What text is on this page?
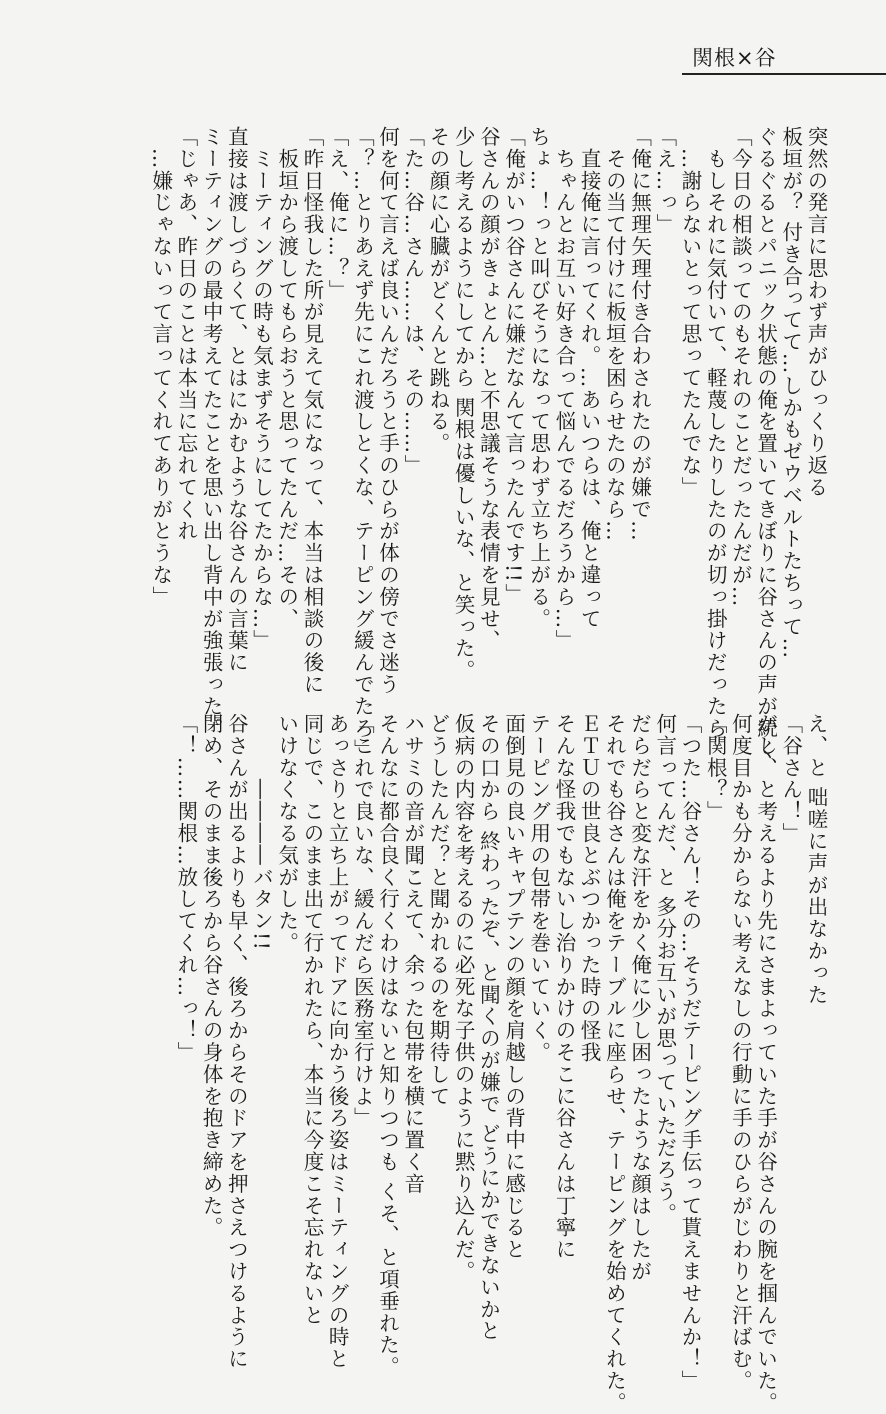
関根×谷
突然の発言に思わず声がひっくり返る
板垣が？ 付き合ってて…しかもゼウベルトたちって…
ぐるぐるとパニック状態の俺を置いてきぼりに谷さんの声が続く
「今日の相談ってのもそれのことだったんだが…
　もしそれに気付いて、軽蔑したりしたのが切っ掛けだったら
　…謝らないとって思ってたんでな」
「え…っ」
「俺に無理矢理付き合わされたのが嫌で…
　その当て付けに板垣を困らせたのなら…
　直接俺に言ってくれ。…あいつらは、俺と違って
　ちゃんとお互い好き合って悩んでるだろうから…」
ちょ…！っと叫びそうになって思わず立ち上がる。
「俺がいつ谷さんに嫌だなんて言ったんです!!」
谷さんの顔がきょとん…と不思議そうな表情を見せ、
少し考えるようにしてから 関根は優しいな、と笑った。
その顔に心臓がどくんと跳ねる。
「た…谷…さん……は、その……」
何を何て言えば良いんだろうと手のひらが体の傍でさ迷う
「？…とりあえず先にこれ渡しとくな、テーピング緩んでたろ」
「え、俺に…？」
「昨日怪我した所が見えて気になって、本当は相談の後に
　板垣から渡してもらおうと思ってたんだ…その、
　ミーティングの時も気まずそうにしてたからな…」
直接は渡しづらくて、とはにかむような谷さんの言葉に
ミーティングの最中考えてたことを思い出し背中が強張った。
「じゃあ、昨日のことは本当に忘れてくれ
　…嫌じゃないって言ってくれてありがとうな」
え、と 咄嗟に声が出なかった
「谷さん！」
がし、と考えるより先にさまよっていた手が谷さんの腕を掴んでいた。
何度目かも分からない考えなしの行動に手のひらがじわりと汗ばむ。
「関根？」
「つた…谷さん！その…そうだテーピング手伝って貰えませんか！」
何言ってんだ、と 多分お互いが思っていただろう。
だらだらと変な汗をかく俺に少し困ったような顔はしたが
それでも谷さんは俺をテーブルに座らせ、テーピングを始めてくれた。
ＥＴＵの世良とぶつかった時の怪我
そんな怪我でもないし治りかけのそこに谷さんは丁寧に
テーピング用の包帯を巻いていく。
面倒見の良いキャプテンの顔を肩越しの背中に感じると
その口から 終わったぞ、と聞くのが嫌で どうにかできないかと
仮病の内容を考えるのに必死な子供のように黙り込んだ。
どうしたんだ？と聞かれるのを期待して
ハサミの音が聞こえて、余った包帯を横に置く音
そんなに都合良く行くわけはないと知りつつも くそ、と項垂れた。
「これで良いな、緩んだら医務室行けよ」
あっさりと立ち上がってドアに向かう後ろ姿はミーティングの時と
同じで、このまま出て行かれたら、本当に今度こそ忘れないと
いけなくなる気がした。
　　　――――バタン!!
谷さんが出るよりも早く、後ろからそのドアを押さえつけるように
閉め、そのまま後ろから谷さんの身体を抱き締めた。
「！……関根…放してくれ…っ！」
